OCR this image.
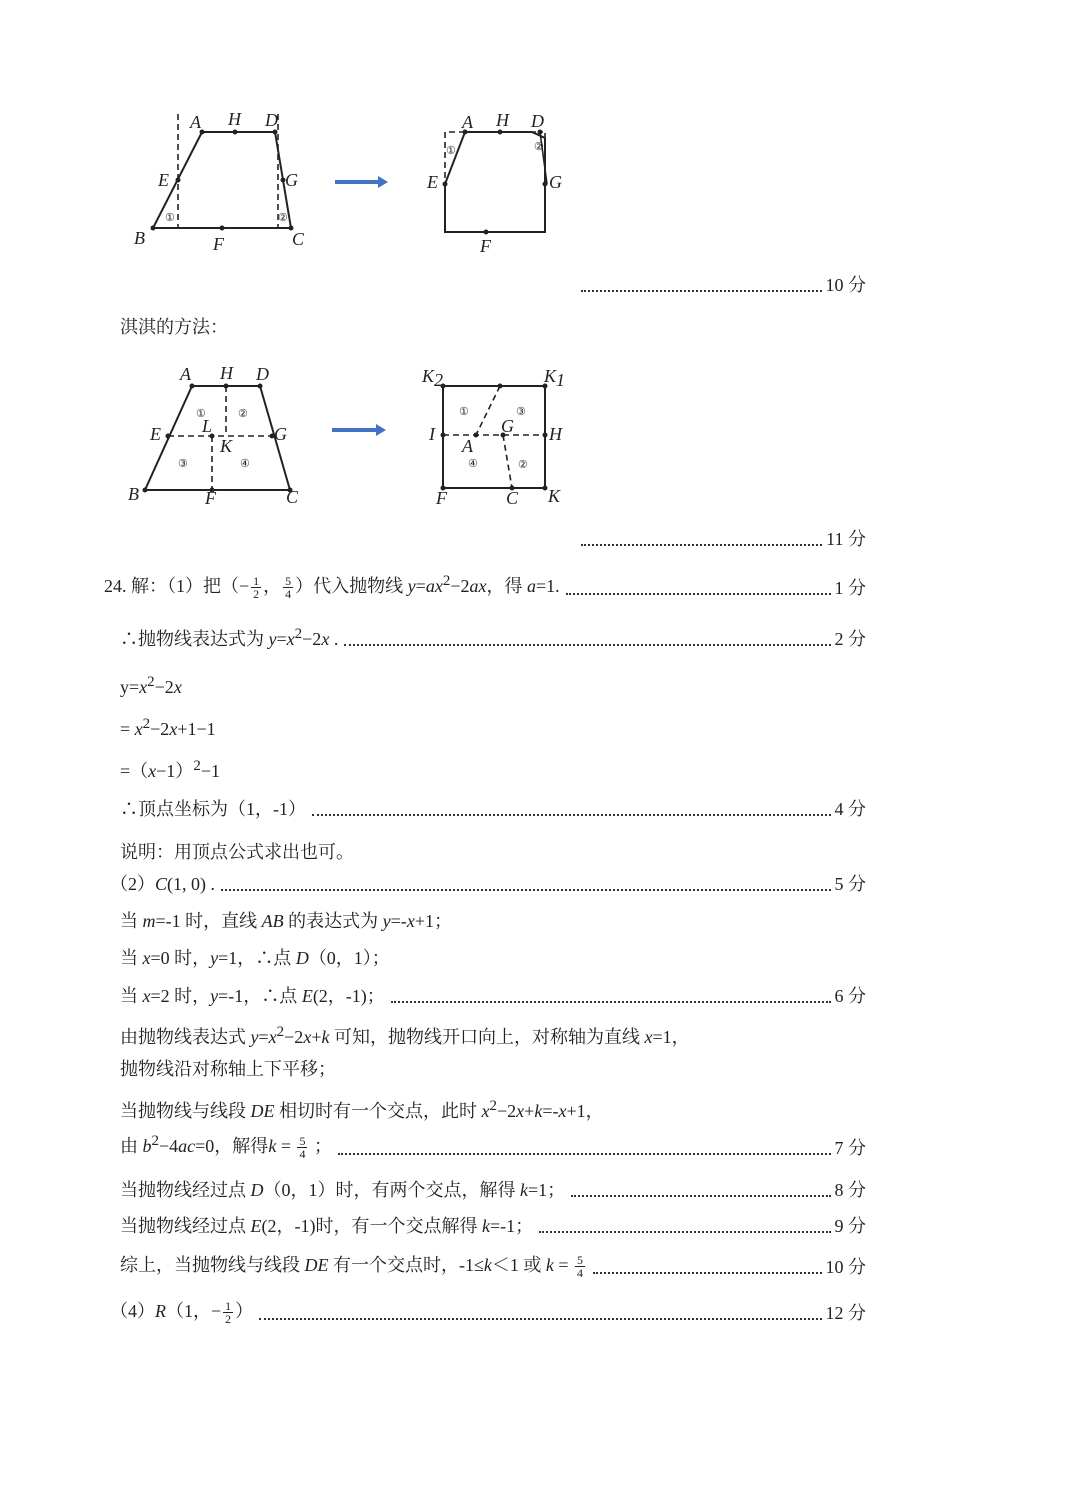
A H D
E	G
B	F	C
①	②
A H D
E	G
F
①	②
10 分
淇淇的方法：
A H D
E L	G
K
B	F	C
①	②
③	④
K2	K1
I	G H
A
F	C K
①
②
③
④
11 分
24. 解：（1）把（− $\frac{1}{2}$ ， $\frac{5}{4}$ ）代入抛物线 $y=ax^2-2ax$，得 a=1.	1 分
∴抛物线表达式为 $y=x^2-2x$ .	2 分
$y=x^2-2x$
= $x^2-2x+1-1$
$=(x-1)^2-1$
∴顶点坐标为（1，-1）	4 分
说明：用顶点公式求出也可。
（2）C(1, 0) .	5 分
当 m=-1 时，直线 AB 的表达式为 y=-x+1；
当 x=0 时，y=1，∴点 D（0，1）；
当 x=2 时，y=-1，∴点 E(2，-1)；	6 分
由抛物线表达式 $y=x^2-2x+k$ 可知，抛物线开口向上，对称轴为直线 x=1，
抛物线沿对称轴上下平移；
当抛物线与线段 DE 相切时有一个交点，此时 $x^2-2x+k=-x+1$，
由 $b^2-4ac=0$，解得$k = \frac{5}{4}$ ；	7 分
当抛物线经过点 D（0，1）时，有两个交点，解得 k=1；	8 分
当抛物线经过点 E(2，-1)时，有一个交点解得 k=-1；	9 分
综上，当抛物线与线段 DE 有一个交点时，-1≤k＜1 或 $k = \frac{5}{4}$	10 分
（4）R（1，− $\frac{1}{2}$ ）	12 分
